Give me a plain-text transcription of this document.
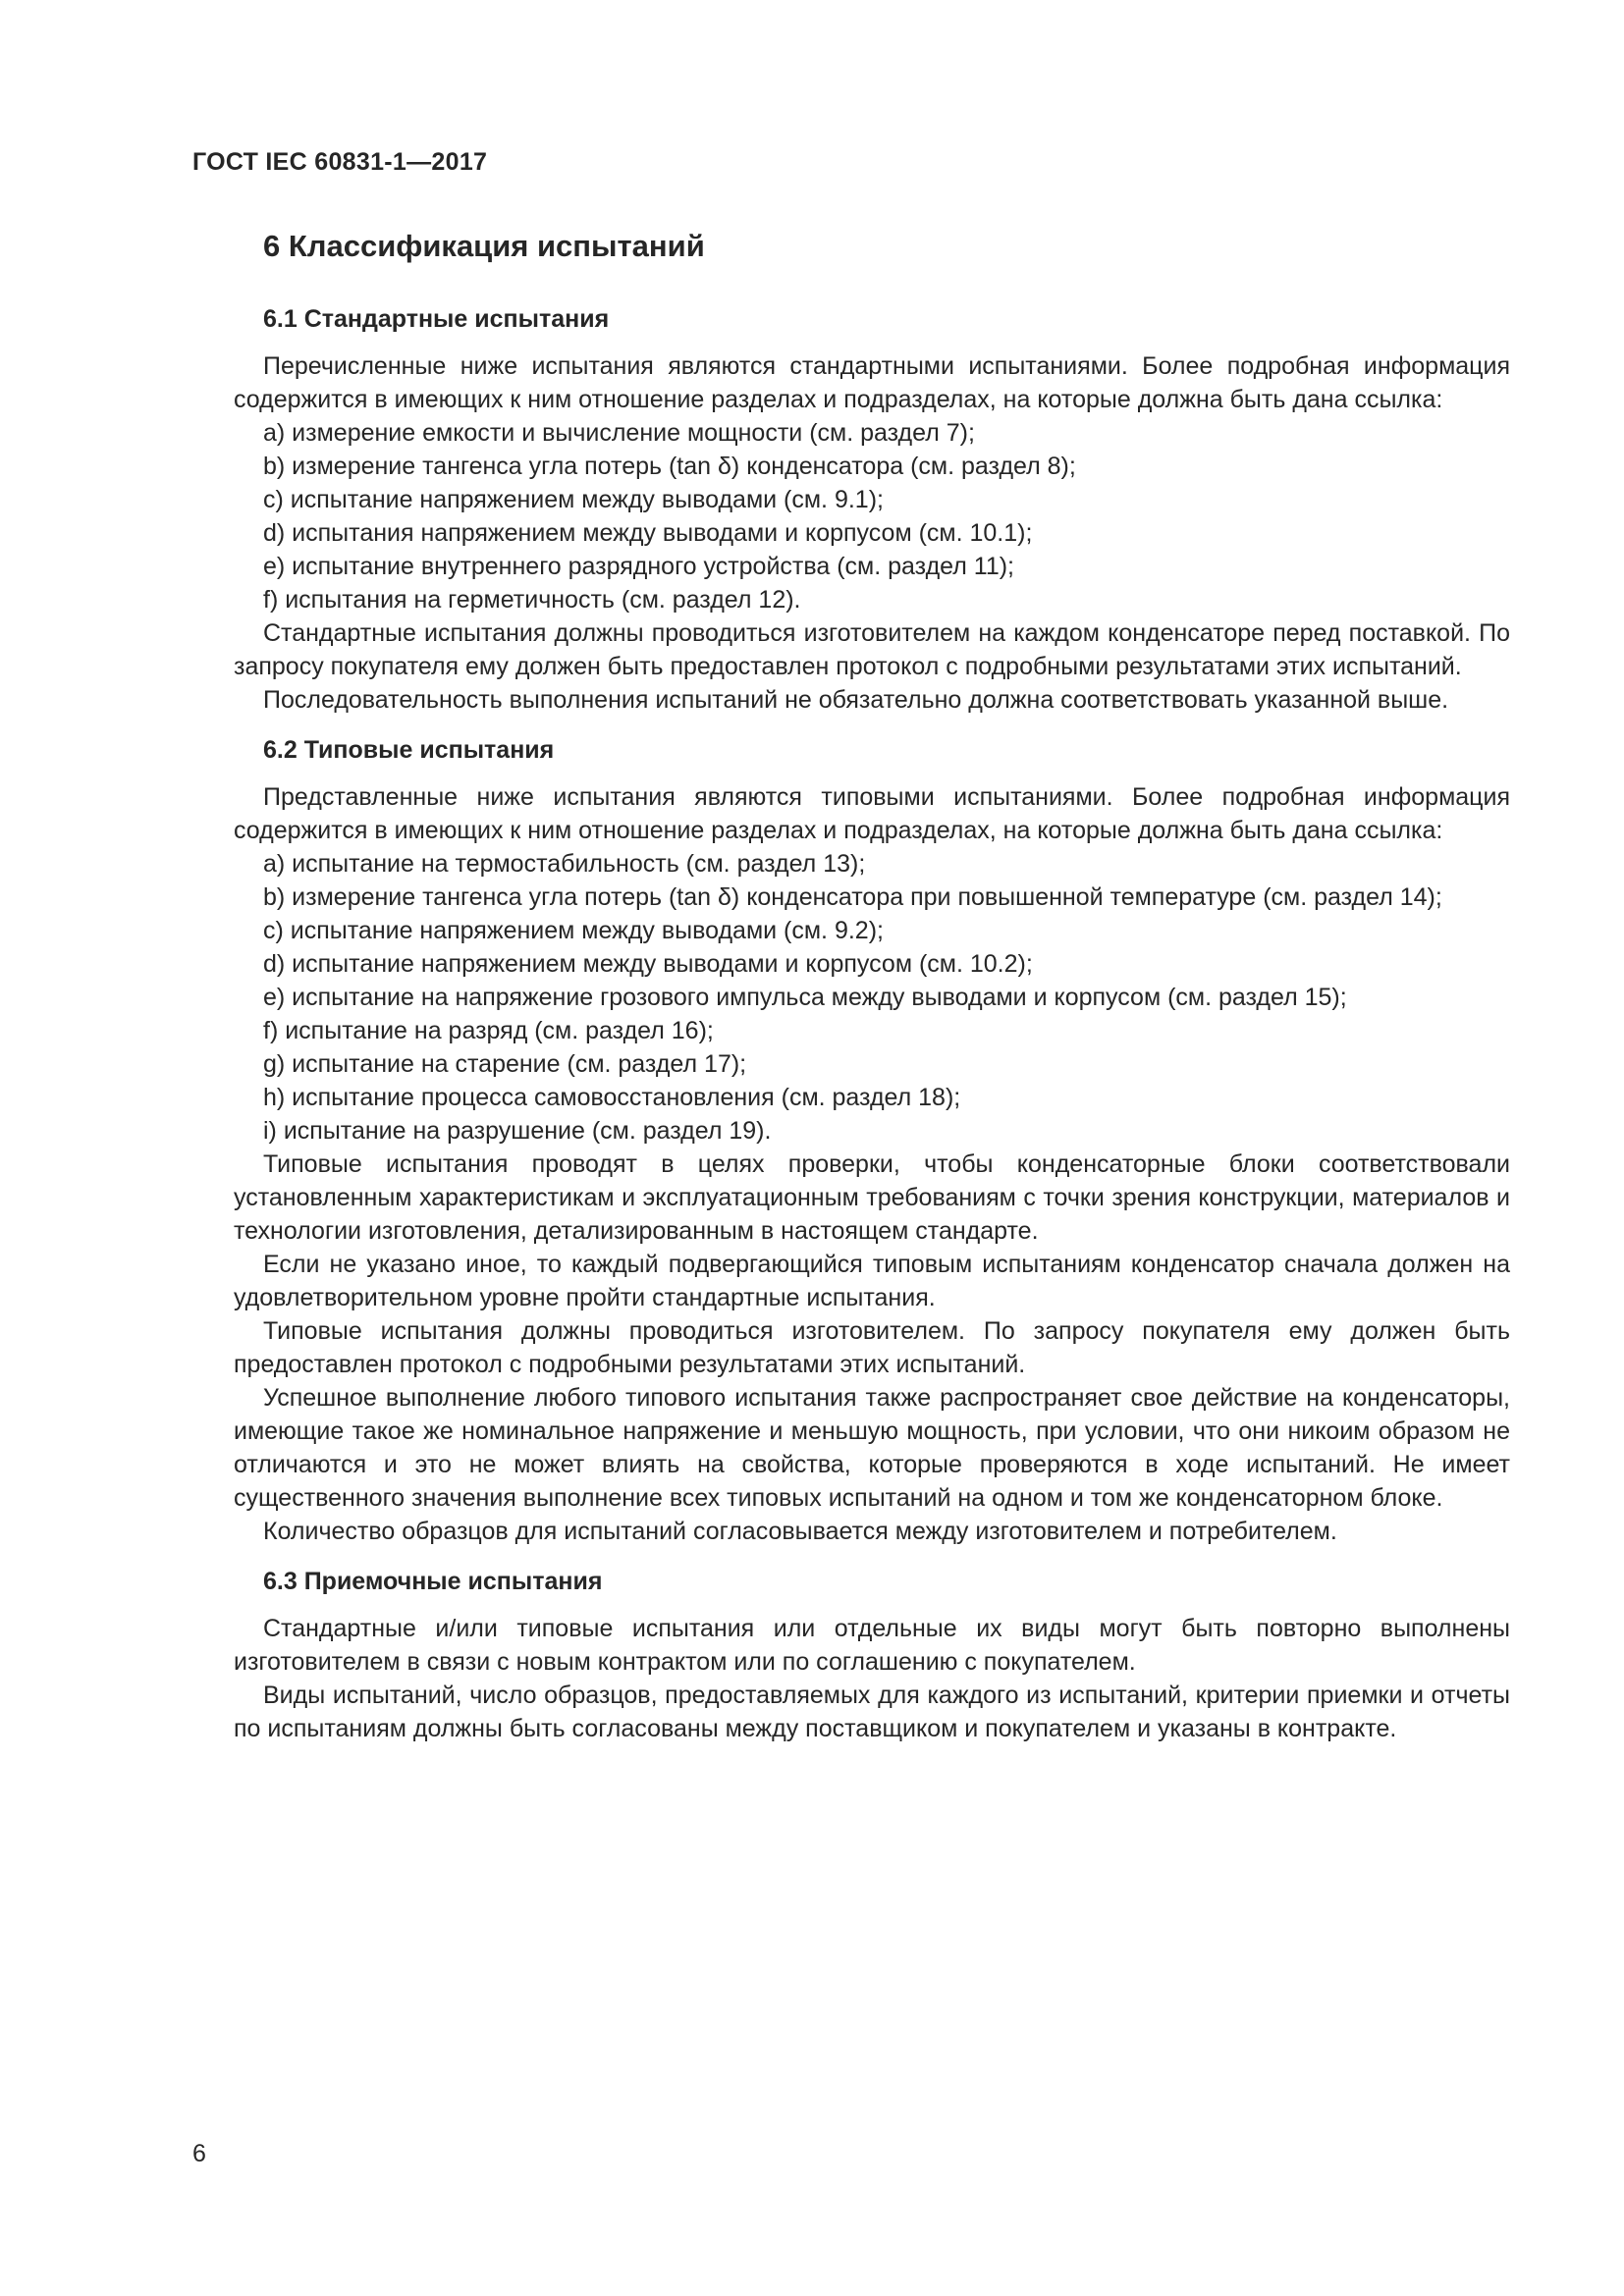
ГОСТ IEC 60831-1—2017
6 Классификация испытаний
6.1 Стандартные испытания

Перечисленные ниже испытания являются стандартными испытаниями. Более подробная информация содержится в имеющих к ним отношение разделах и подразделах, на которые должна быть дана ссылка:

a) измерение емкости и вычисление мощности (см. раздел 7);
b) измерение тангенса угла потерь (tan δ) конденсатора (см. раздел 8);
c) испытание напряжением между выводами (см. 9.1);
d) испытания напряжением между выводами и корпусом (см. 10.1);
e) испытание внутреннего разрядного устройства (см. раздел 11);
f) испытания на герметичность (см. раздел 12).

Стандартные испытания должны проводиться изготовителем на каждом конденсаторе перед поставкой. По запросу покупателя ему должен быть предоставлен протокол с подробными результатами этих испытаний.

Последовательность выполнения испытаний не обязательно должна соответствовать указанной выше.

6.2 Типовые испытания

Представленные ниже испытания являются типовыми испытаниями. Более подробная информация содержится в имеющих к ним отношение разделах и подразделах, на которые должна быть дана ссылка:

a) испытание на термостабильность (см. раздел 13);
b) измерение тангенса угла потерь (tan δ) конденсатора при повышенной температуре (см. раздел 14);
c) испытание напряжением между выводами (см. 9.2);
d) испытание напряжением между выводами и корпусом (см. 10.2);
e) испытание на напряжение грозового импульса между выводами и корпусом (см. раздел 15);
f) испытание на разряд (см. раздел 16);
g) испытание на старение (см. раздел 17);
h) испытание процесса самовосстановления (см. раздел 18);
i) испытание на разрушение (см. раздел 19).

Типовые испытания проводят в целях проверки, чтобы конденсаторные блоки соответствовали установленным характеристикам и эксплуатационным требованиям с точки зрения конструкции, материалов и технологии изготовления, детализированным в настоящем стандарте.

Если не указано иное, то каждый подвергающийся типовым испытаниям конденсатор сначала должен на удовлетворительном уровне пройти стандартные испытания.

Типовые испытания должны проводиться изготовителем. По запросу покупателя ему должен быть предоставлен протокол с подробными результатами этих испытаний.

Успешное выполнение любого типового испытания также распространяет свое действие на конденсаторы, имеющие такое же номинальное напряжение и меньшую мощность, при условии, что они никоим образом не отличаются и это не может влиять на свойства, которые проверяются в ходе испытаний. Не имеет существенного значения выполнение всех типовых испытаний на одном и том же конденсаторном блоке.

Количество образцов для испытаний согласовывается между изготовителем и потребителем.

6.3 Приемочные испытания

Стандартные и/или типовые испытания или отдельные их виды могут быть повторно выполнены изготовителем в связи с новым контрактом или по соглашению с покупателем.

Виды испытаний, число образцов, предоставляемых для каждого из испытаний, критерии приемки и отчеты по испытаниям должны быть согласованы между поставщиком и покупателем и указаны в контракте.

6
